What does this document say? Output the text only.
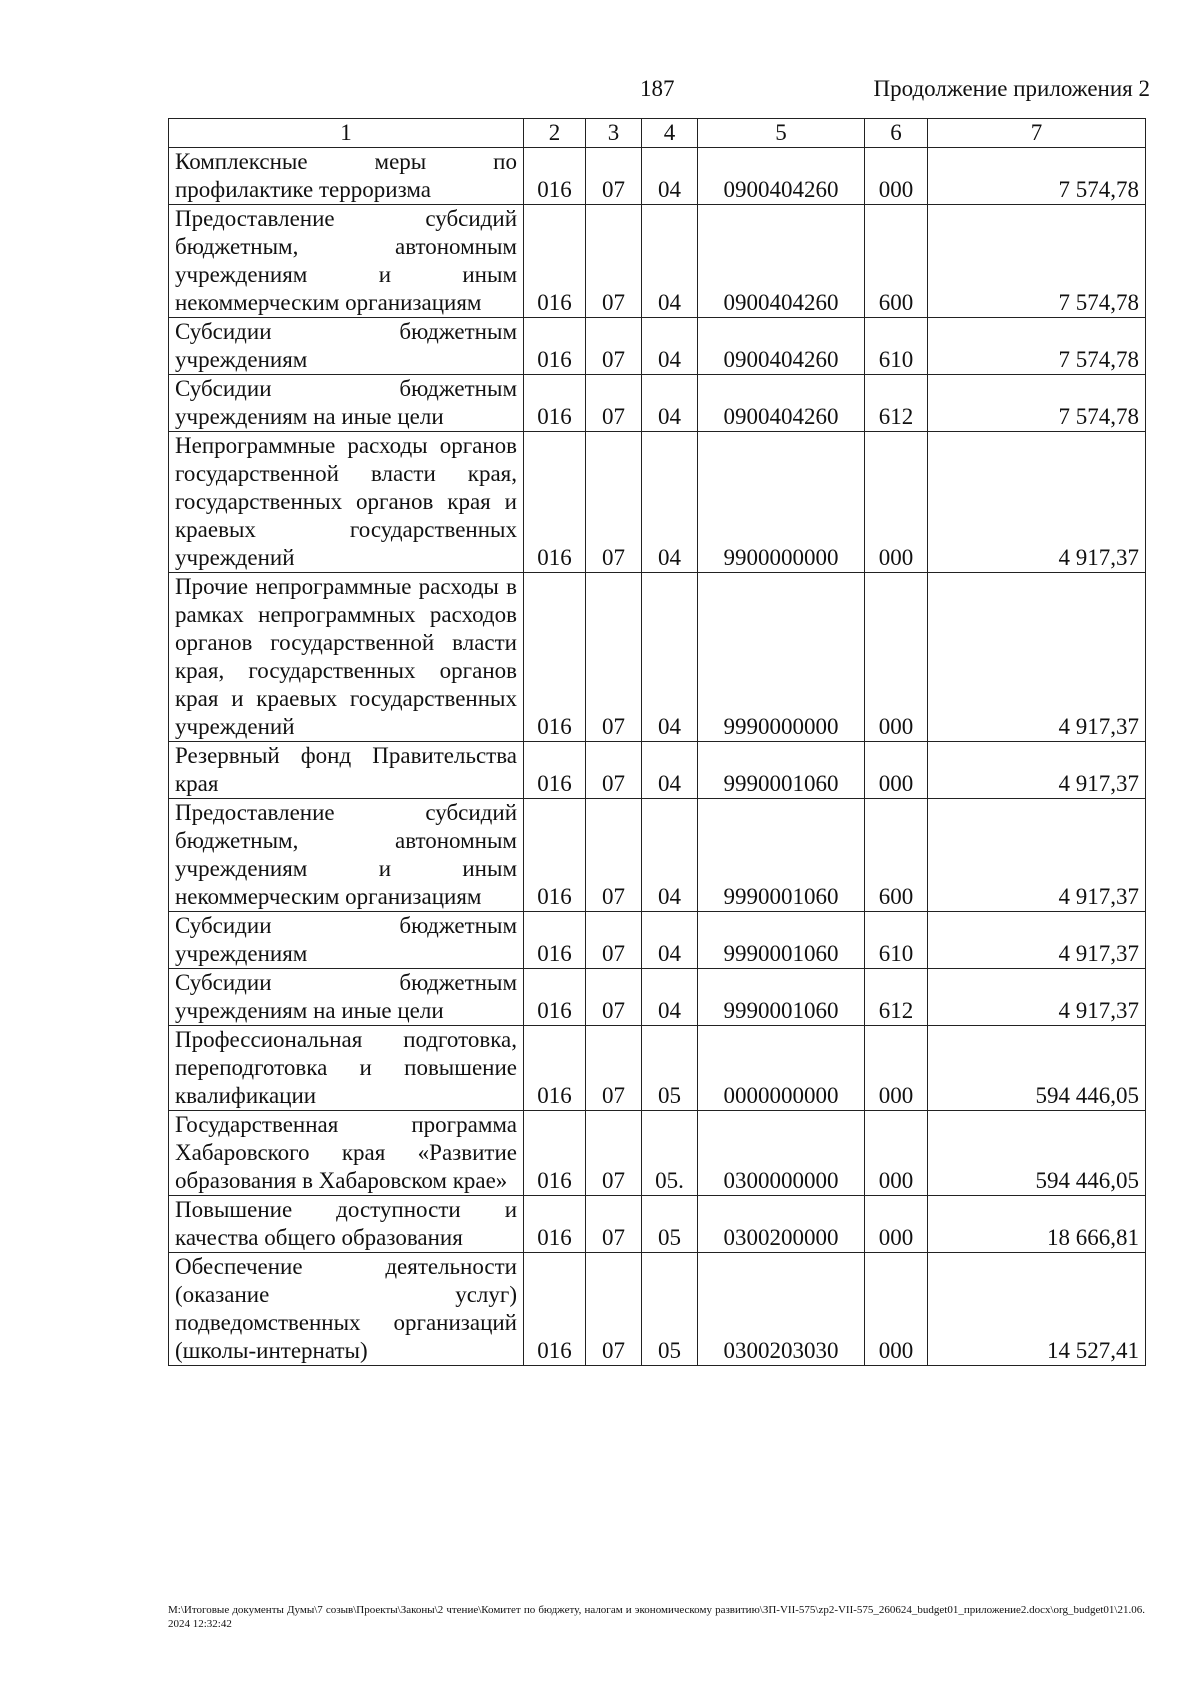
187	Продолжение приложения 2
1	2	3	4	5	6	7
Комплексные меры по профилактике терроризма	016	07	04	0900404260	000	7 574,78
Предоставление субсидий бюджетным, автономным учреждениям и иным некоммерческим организациям	016	07	04	0900404260	600	7 574,78
Субсидии бюджетным учреждениям	016	07	04	0900404260	610	7 574,78
Субсидии бюджетным учреждениям на иные цели	016	07	04	0900404260	612	7 574,78
Непрограммные расходы органов государственной власти края, государственных органов края и краевых государственных учреждений	016	07	04	9900000000	000	4 917,37
Прочие непрограммные расходы в рамках непрограммных расходов органов государственной власти края, государственных органов края и краевых государственных учреждений	016	07	04	9990000000	000	4 917,37
Резервный фонд Правительства края	016	07	04	9990001060	000	4 917,37
Предоставление субсидий бюджетным, автономным учреждениям и иным некоммерческим организациям	016	07	04	9990001060	600	4 917,37
Субсидии бюджетным учреждениям	016	07	04	9990001060	610	4 917,37
Субсидии бюджетным учреждениям на иные цели	016	07	04	9990001060	612	4 917,37
Профессиональная подготовка, переподготовка и повышение квалификации	016	07	05	0000000000	000	594 446,05
Государственная программа Хабаровского края «Развитие образования в Хабаровском крае»	016	07	05.	0300000000	000	594 446,05
Повышение доступности и качества общего образования	016	07	05	0300200000	000	18 666,81
Обеспечение деятельности (оказание услуг) подведомственных организаций (школы-интернаты)	016	07	05	0300203030	000	14 527,41
M:\Итоговые документы Думы\7 созыв\Проекты\Законы\2 чтение\Комитет по бюджету, налогам и экономическому развитию\ЗП-VII-575\zp2-VII-575_260624_budget01_приложение2.docx\org_budget01\21.06.2024 12:32:42
